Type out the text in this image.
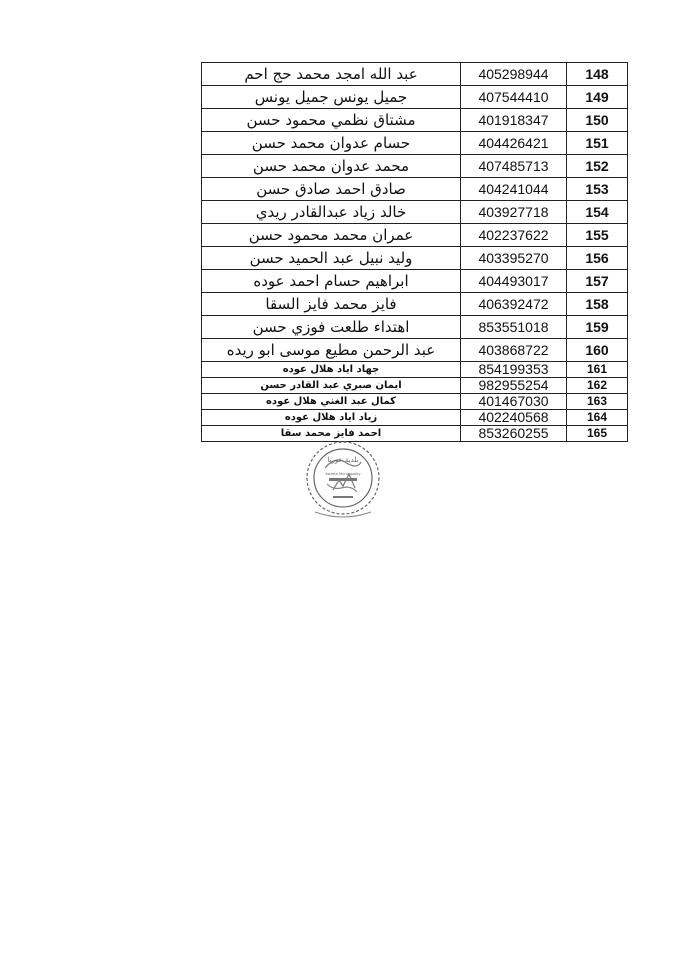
عبد الله امجد محمد حج احم	405298944	148
جميل يونس جميل يونس	407544410	149
مشتاق نظمي محمود حسن	401918347	150
حسام عدوان محمد حسن	404426421	151
محمد عدوان محمد حسن	407485713	152
صادق احمد صادق حسن	404241044	153
خالد زياد عبدالقادر ريدي	403927718	154
عمران محمد محمود حسن	402237622	155
وليد نبيل عبد الحميد حسن	403395270	156
ابراهيم حسام احمد عوده	404493017	157
فايز محمد فايز السقا	406392472	158
اهتداء طلعت فوزي حسن	853551018	159
عبد الرحمن مطيع موسى ابو ريده	403868722	160
جهاد اياد هلال عوده	854199353	161
ايمان صبري عبد القادر حسن	982955254	162
كمال عبد الغني هلال عوده	401467030	163
زياد اياد هلال عوده	402240568	164
احمد فايز محمد سقا	853260255	165
بلدية عورتا
Awarta Municipality
